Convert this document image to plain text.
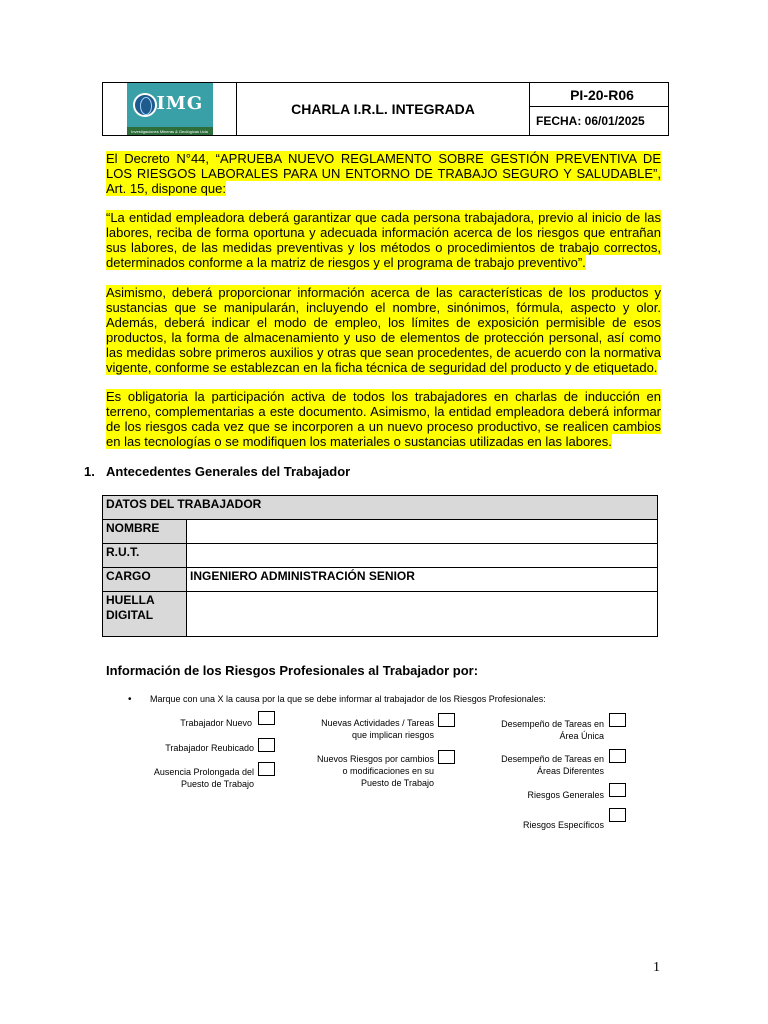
IMG
Investigaciones Mineras & Geológicas Ltda
	CHARLA I.R.L. INTEGRADA	PI-20-R06
FECHA: 06/01/2025

El Decreto N°44, “APRUEBA NUEVO REGLAMENTO SOBRE GESTIÓN PREVENTIVA DE LOS RIESGOS LABORALES PARA UN ENTORNO DE TRABAJO SEGURO Y SALUDABLE”, Art. 15, dispone que:

“La entidad empleadora deberá garantizar que cada persona trabajadora, previo al inicio de las labores, reciba de forma oportuna y adecuada información acerca de los riesgos que entrañan sus labores, de las medidas preventivas y los métodos o procedimientos de trabajo correctos, determinados conforme a la matriz de riesgos y el programa de trabajo preventivo”.

Asimismo, deberá proporcionar información acerca de las características de los productos y sustancias que se manipularán, incluyendo el nombre, sinónimos, fórmula, aspecto y olor. Además, deberá indicar el modo de empleo, los límites de exposición permisible de esos productos, la forma de almacenamiento y uso de elementos de protección personal, así como las medidas sobre primeros auxilios y otras que sean procedentes, de acuerdo con la normativa vigente, conforme se establezcan en la ficha técnica de seguridad del producto y de etiquetado.

Es obligatoria la participación activa de todos los trabajadores en charlas de inducción en terreno, complementarias a este documento. Asimismo, la entidad empleadora deberá informar de los riesgos cada vez que se incorporen a un nuevo proceso productivo, se realicen cambios en las tecnologías o se modifiquen los materiales o sustancias utilizadas en las labores.

1. Antecedentes Generales del Trabajador
DATOS DEL TRABAJADOR	
NOMBRE	
R.U.T.	
CARGO	INGENIERO ADMINISTRACIÓN SENIOR
HUELLA DIGITAL	
Información de los Riesgos Profesionales al Trabajador por:
• Marque con una X la causa por la que se debe informar al trabajador de los Riesgos Profesionales:
Trabajador Nuevo
Trabajador Reubicado
Ausencia Prolongada del
Puesto de Trabajo
Nuevas Actividades / Tareas
que implican riesgos
Nuevos Riesgos por cambios
o modificaciones en su
Puesto de Trabajo
Desempeño de Tareas en
Área Única
Desempeño de Tareas en
Áreas Diferentes
Riesgos Generales
Riesgos Específicos
1
